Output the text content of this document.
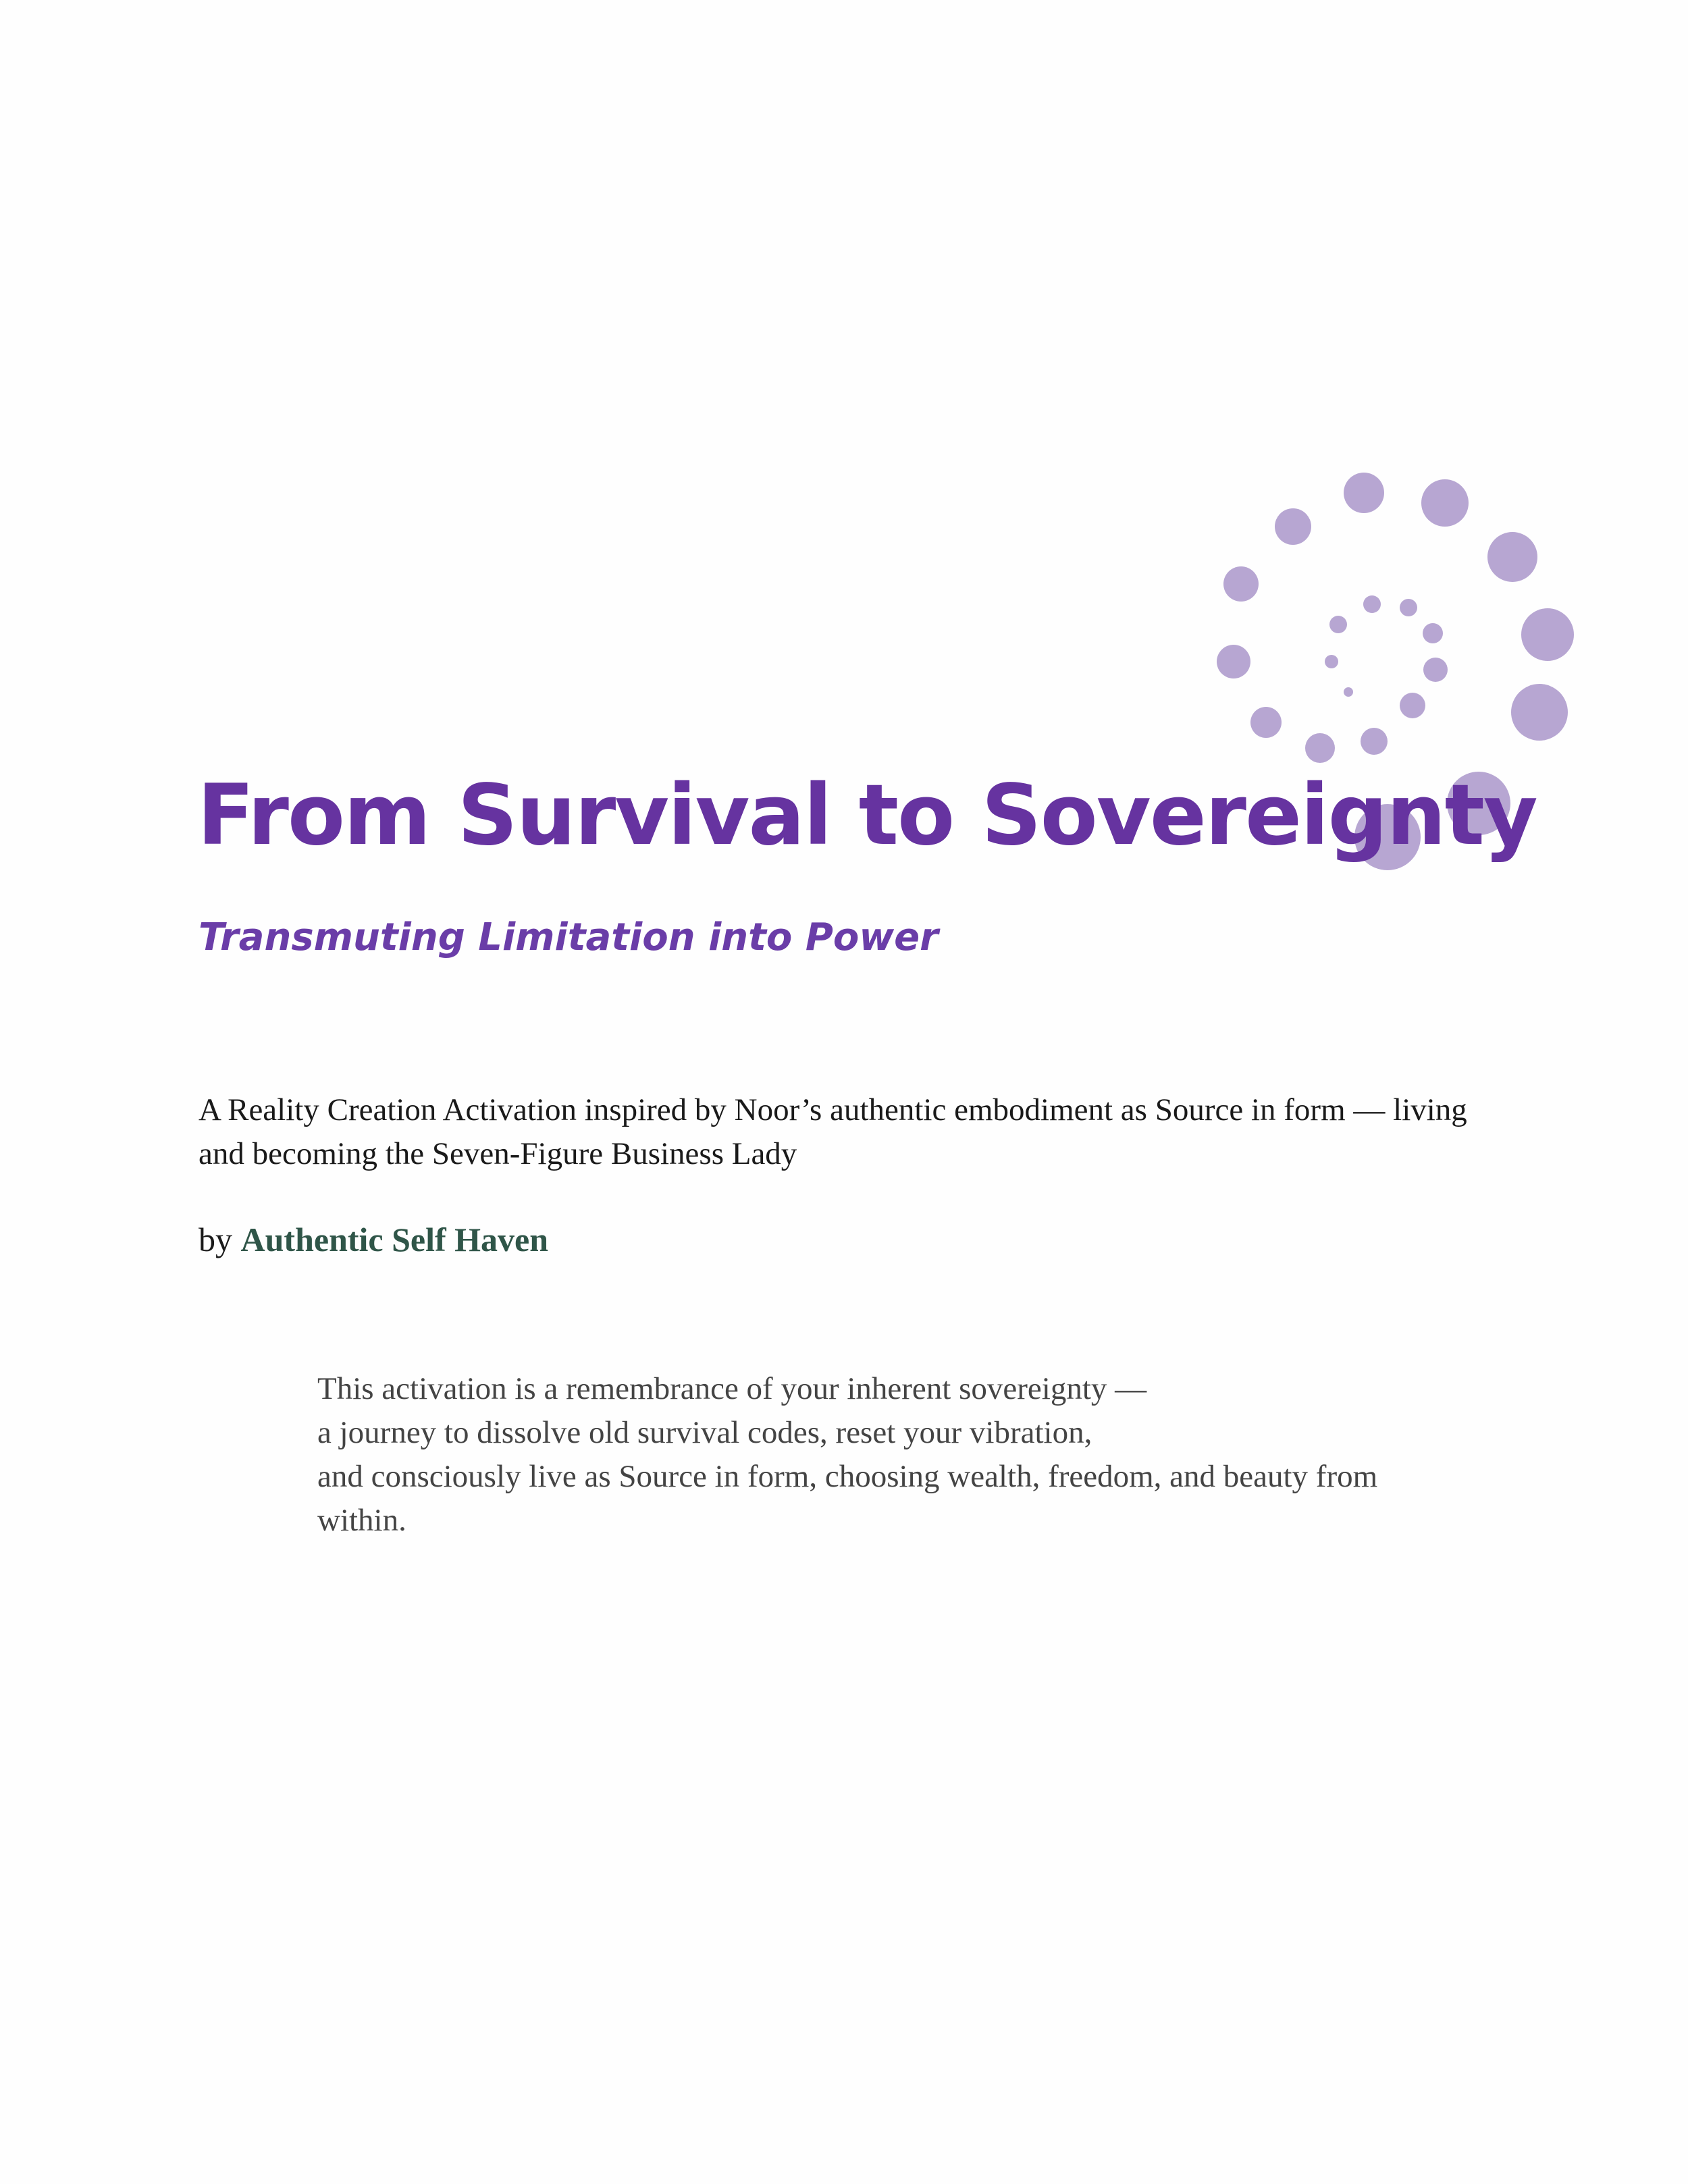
From Survival to Sovereignty
Transmuting Limitation into Power

A Reality Creation Activation inspired by Noor’s authentic embodiment as Source in form — living and becoming the Seven-Figure Business Lady

by Authentic Self Haven

This activation is a remembrance of your inherent sovereignty —

a journey to dissolve old survival codes, reset your vibration,

and consciously live as Source in form, choosing wealth, freedom, and beauty from within.
